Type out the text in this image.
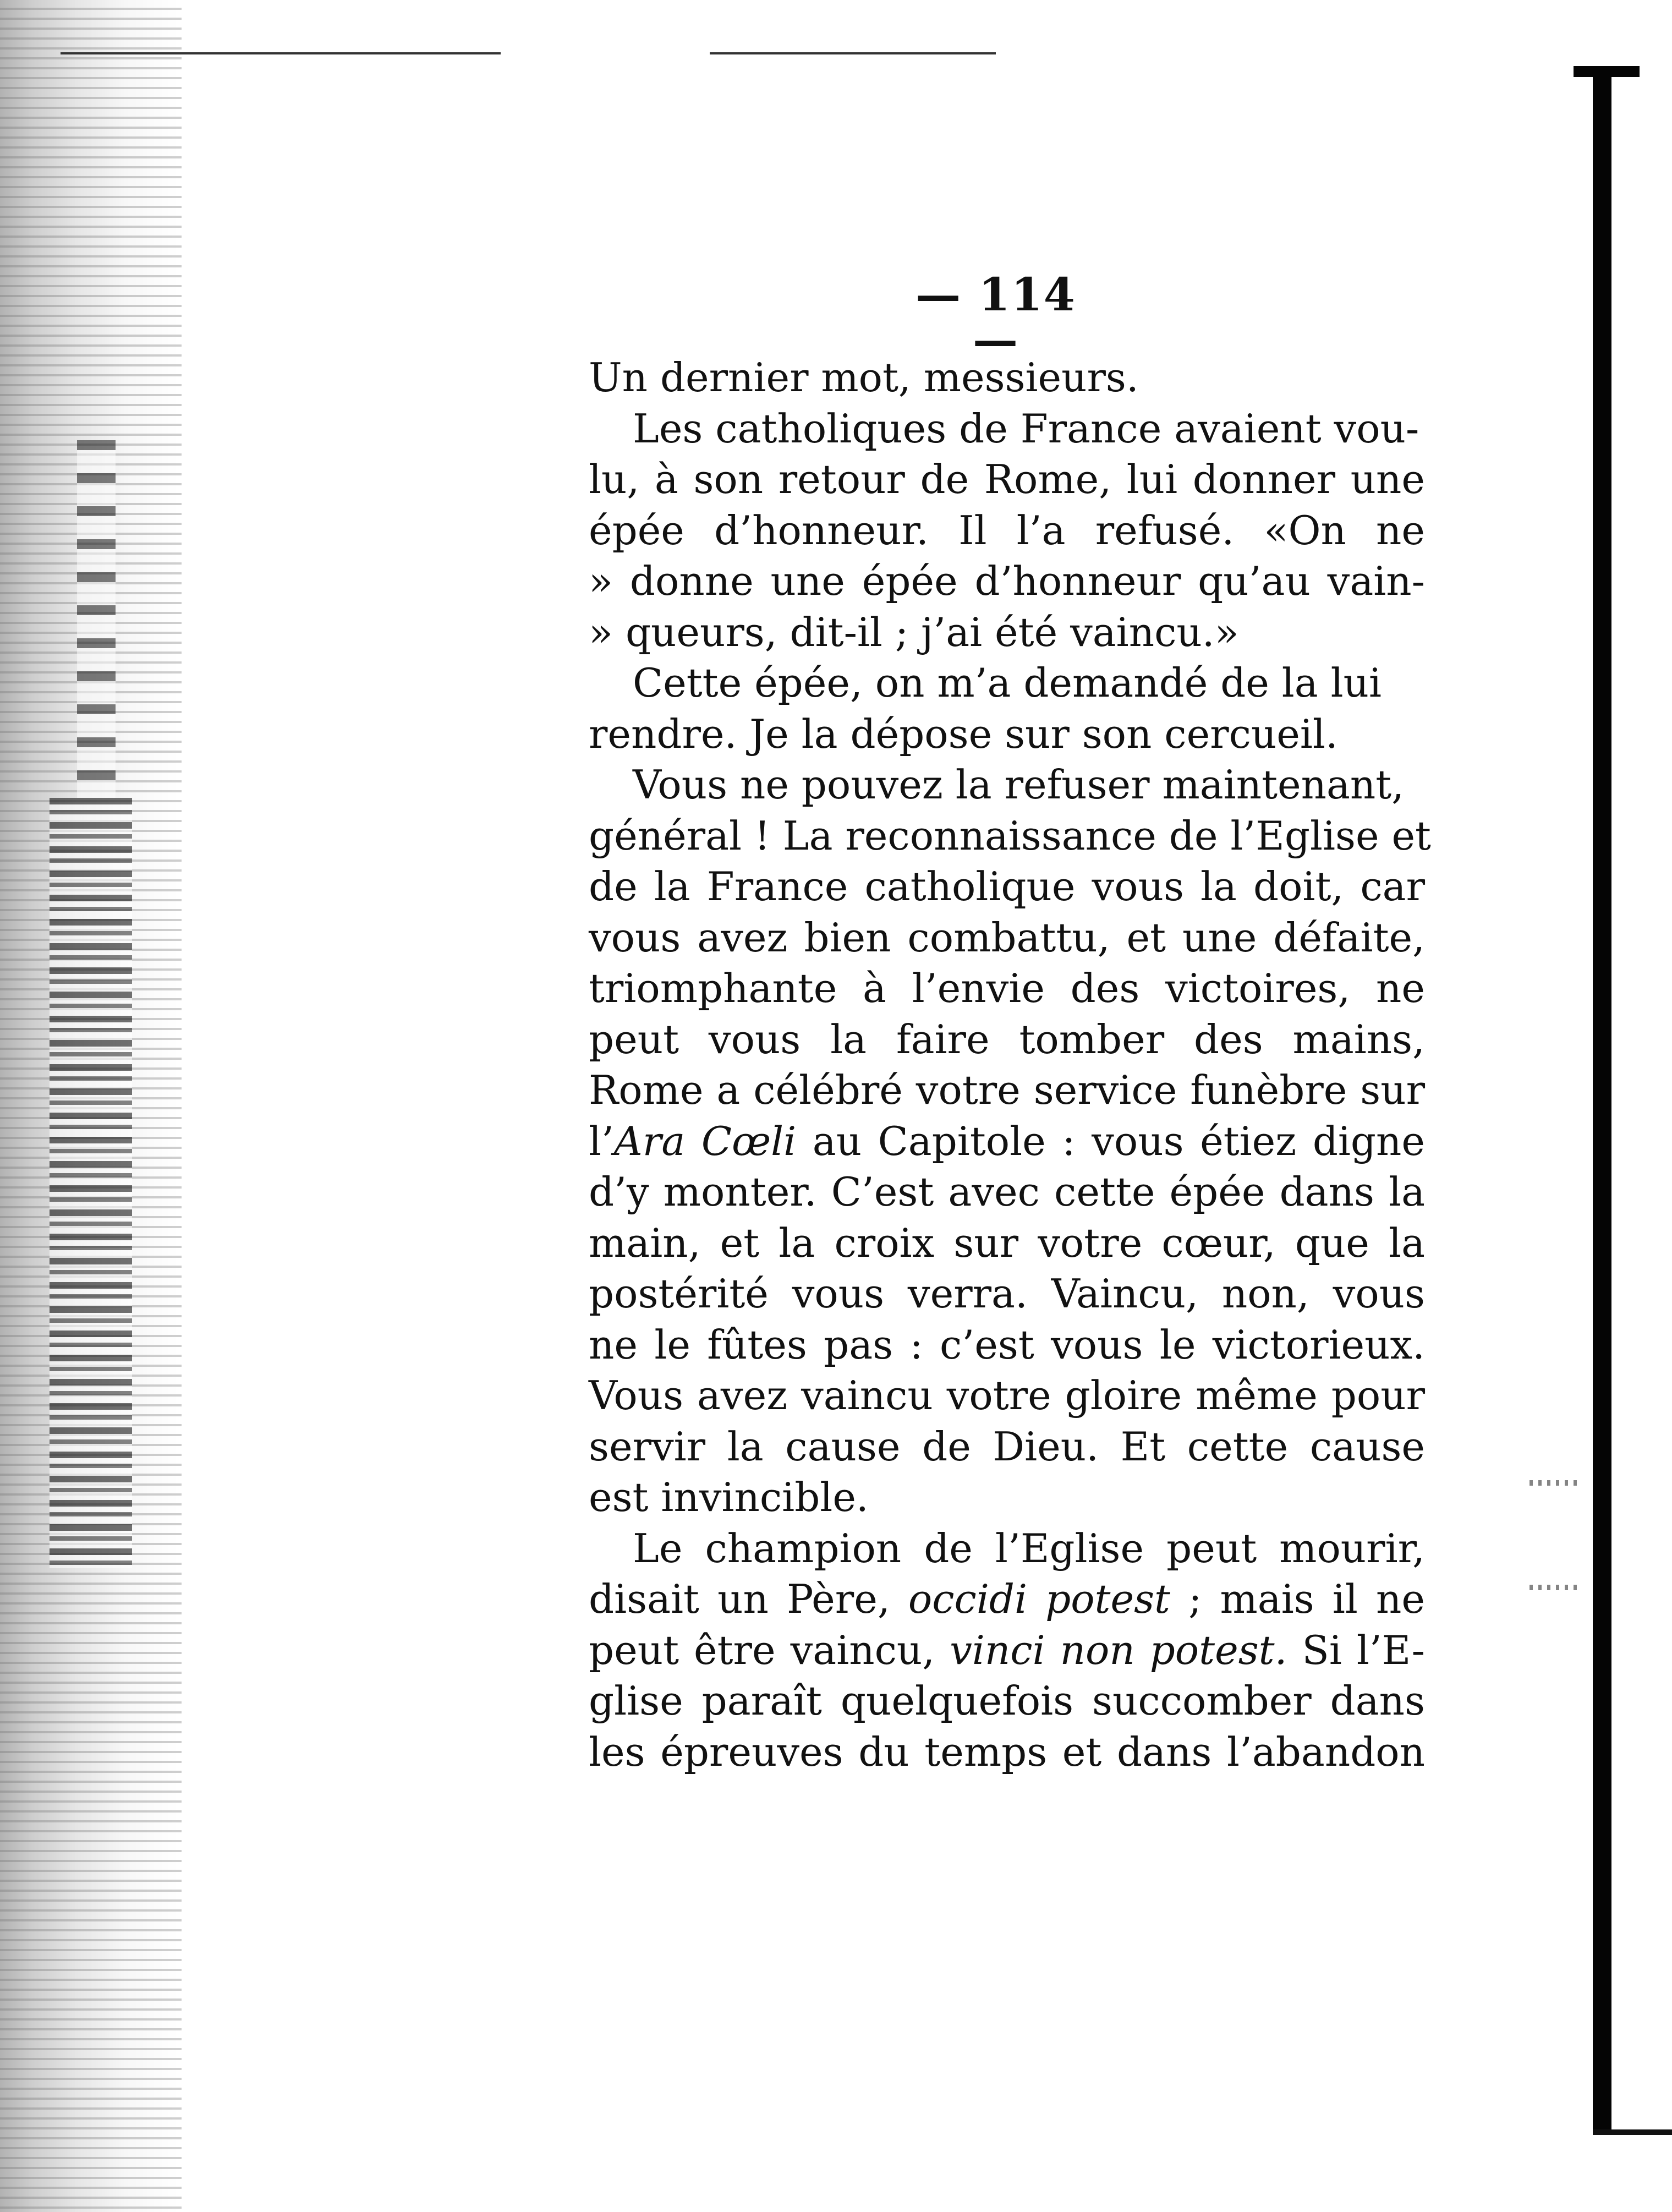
— 114 —
Un dernier mot, messieurs.
Les catholiques de France avaient vou-
lu, à son retour de Rome, lui donner une
épée d’honneur. Il l’a refusé. «On ne
» donne une épée d’honneur qu’au vain-
» queurs, dit-il ; j’ai été vaincu.»
Cette épée, on m’a demandé de la lui
rendre. Je la dépose sur son cercueil.
Vous ne pouvez la refuser maintenant,
général ! La reconnaissance de l’Eglise et
de la France catholique vous la doit, car
vous avez bien combattu, et une défaite,
triomphante à l’envie des victoires, ne
peut vous la faire tomber des mains,
Rome a célébré votre service funèbre sur
l’Ara Cœli au Capitole : vous étiez digne
d’y monter. C’est avec cette épée dans la
main, et la croix sur votre cœur, que la
postérité vous verra. Vaincu, non, vous
ne le fûtes pas : c’est vous le victorieux.
Vous avez vaincu votre gloire même pour
servir la cause de Dieu. Et cette cause
est invincible.
Le champion de l’Eglise peut mourir,
disait un Père, occidi potest ; mais il ne
peut être vaincu, vinci non potest. Si l’E-
glise paraît quelquefois succomber dans
les épreuves du temps et dans l’abandon
